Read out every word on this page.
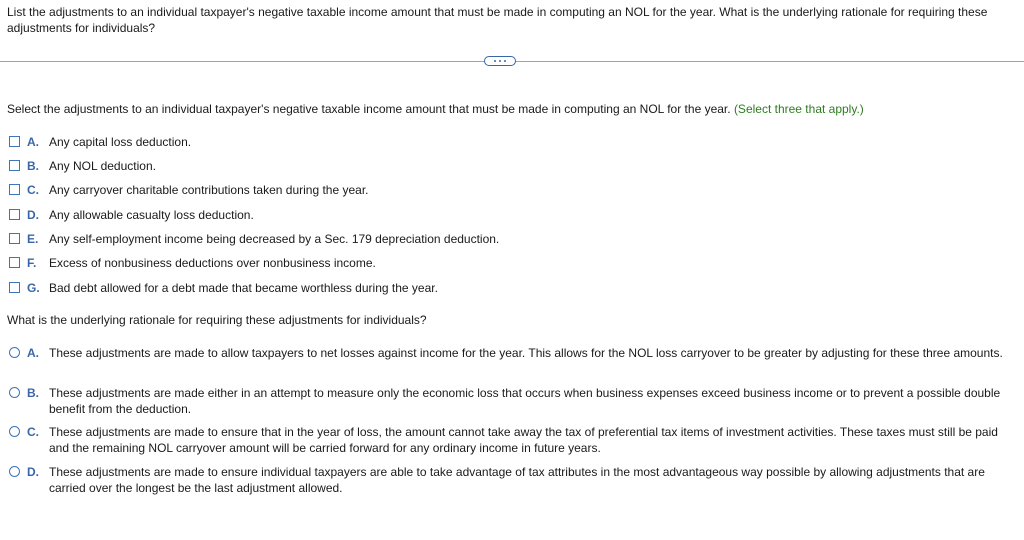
List the adjustments to an individual taxpayer's negative taxable income amount that must be made in computing an NOL for the year. What is the underlying rationale for requiring these adjustments for individuals?
Select the adjustments to an individual taxpayer's negative taxable income amount that must be made in computing an NOL for the year. (Select three that apply.)
A. Any capital loss deduction.
B. Any NOL deduction.
C. Any carryover charitable contributions taken during the year.
D. Any allowable casualty loss deduction.
E. Any self-employment income being decreased by a Sec. 179 depreciation deduction.
F.	Excess of nonbusiness deductions over nonbusiness income.
G. Bad debt allowed for a debt made that became worthless during the year.
What is the underlying rationale for requiring these adjustments for individuals?
A. These adjustments are made to allow taxpayers to net losses against income for the year. This allows for the NOL loss carryover to be greater by adjusting for these three amounts.
B. These adjustments are made either in an attempt to measure only the economic loss that occurs when business expenses exceed business income or to prevent a possible double benefit from the deduction.
C. These adjustments are made to ensure that in the year of loss, the amount cannot take away the tax of preferential tax items of investment activities. These taxes must still be paid and the remaining NOL carryover amount will be carried forward for any ordinary income in future years.
D. These adjustments are made to ensure individual taxpayers are able to take advantage of tax attributes in the most advantageous way possible by allowing adjustments that are carried over the longest be the last adjustment allowed.
